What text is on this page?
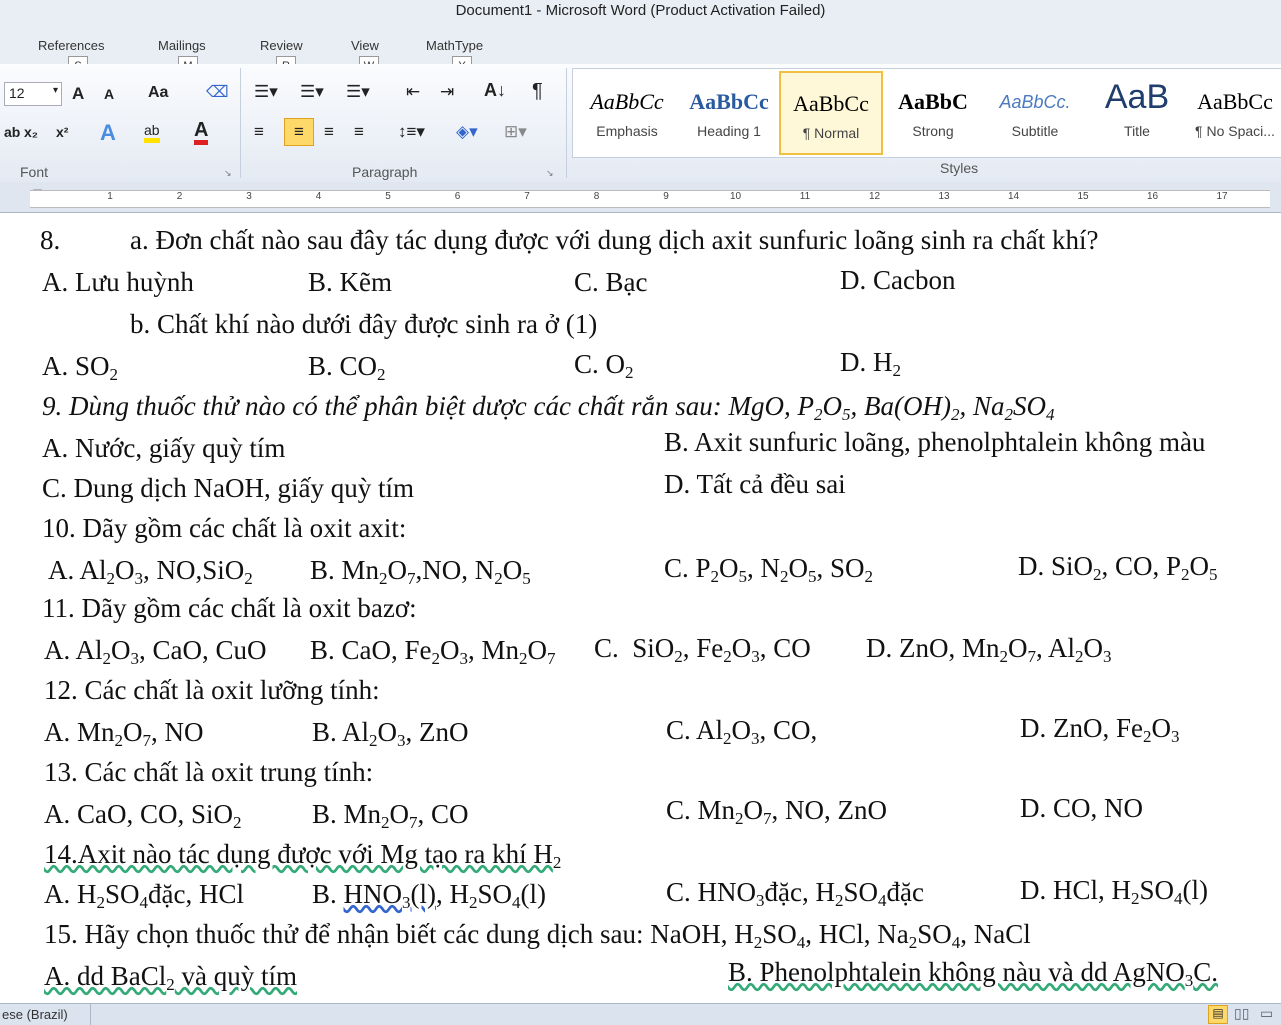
Document1 - Microsoft Word (Product Activation Failed)
References	Mailings	Review	View	MathType
12	▾ A A Aa ⌫
ab x₂ x² A ab A
Font	↘
☰▾ ☰▾ ☰▾ ⇤ ⇥ A↓ ¶
≡	≡	≡ ≡ ↕≡▾ ◈▾ ⊞▾
Paragraph	↘
AaBbCc
Emphasis
AaBbCc
Heading 1
AaBbCc
¶ Normal
AaBbC
Strong
AaBbCc.
Subtitle
AaB
Title
AaBbCc
¶ No Spaci...
Styles
1	2	3	4	5	6	7	8	9	10	11	12	13	14	15	16	17
8.	a. Đơn chất nào sau đây tác dụng được với dung dịch axit sunfuric loãng sinh ra chất khí?
A. Lưu huỳnh	B. Kẽm	C. Bạc	D. Cacbon
b. Chất khí nào dưới đây được sinh ra ở (1)
A. $SO_2$	B. $CO_2$	C. $O_2$	D. $H_2$
9. Dùng thuốc thử nào có thể phân biệt dược các chất rắn sau: MgO, $P_2O_5$, $Ba(OH)_2$, $Na_2SO_4$
A. Nước, giấy quỳ tím	B. Axit sunfuric loãng, phenolphtalein không màu
C. Dung dịch NaOH, giấy quỳ tím	D. Tất cả đều sai
10. Dãy gồm các chất là oxit axit:
A. $Al_2O_3$, NO,SiO$_2$ B. $Mn_2O_7,NO$, $N_2O_5$	C. $P_2O_5$, $N_2O_5$, $SO_2$	D. SiO$_2$, CO, $P_2O_5$
11. Dãy gồm các chất là oxit bazơ:
A. $Al_2O_3$, CaO, CuO B. CaO, $Fe_2O_3$, $Mn_2O_7$ C.  SiO$_2$, $Fe_2O_3$, CO D. ZnO, $Mn_2O_7$, $Al_2O_3$
12. Các chất là oxit lưỡng tính:
A. $Mn_2O_7$, NO	B. $Al_2O_3$, ZnO	C. $Al_2O_3$, CO,	D. ZnO, $Fe_2O_3$
13. Các chất là oxit trung tính:
A. CaO, CO, SiO$_2$	B. $Mn_2O_7$, CO	C. $Mn_2O_7$, NO, ZnO	D. CO, NO
14.Axit nào tác dụng được với Mg tạo ra khí $H_2$
A. $H_2SO_4đặc$, HCl	B. $HNO_3(l)$, $H_2SO_4(l)$	C. $HNO_3đặc$, $H_2SO_4đặc$	D. HCl, $H_2SO_4(l)$
15. Hãy chọn thuốc thử để nhận biết các dung dịch sau: NaOH, $H_2SO_4$, HCl, $Na_2SO_4$, NaCl
A. dd BaCl$_2$ và quỳ tím	B. Phenolphtalein không nàu và dd AgNO$_3$C.
ese (Brazil)	▤ ▯▯ ▭
